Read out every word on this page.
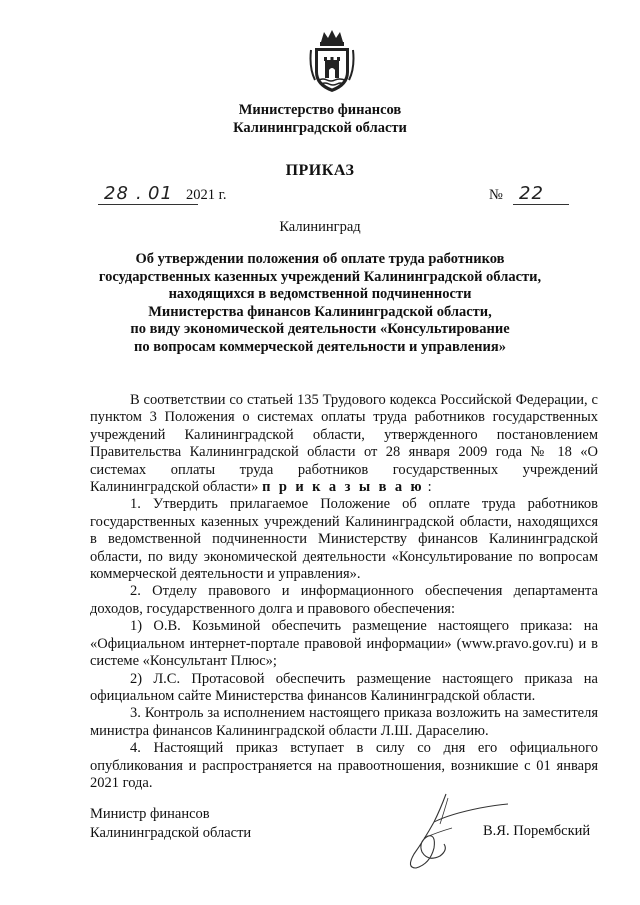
Министерство финансов
Калининградской области
ПРИКАЗ
28 . 01 2021 г.	№ 22
Калининград
Об утверждении положения об оплате труда работников
государственных казенных учреждений Калининградской области,
находящихся в ведомственной подчиненности
Министерства финансов Калининградской области,
по виду экономической деятельности «Консультирование
по вопросам коммерческой деятельности и управления»

В соответствии со статьей 135 Трудового кодекса Российской Федерации, с пунктом 3 Положения о системах оплаты труда работников государственных учреждений Калининградской области, утвержденного постановлением Правительства Калининградской области от 28 января 2009 года № 18 «О системах оплаты труда работников государственных учреждений Калининградской области» п р и к а з ы в а ю :

1. Утвердить прилагаемое Положение об оплате труда работников государственных казенных учреждений Калининградской области, находящихся в ведомственной подчиненности Министерству финансов Калининградской области, по виду экономической деятельности «Консультирование по вопросам коммерческой деятельности и управления».

2. Отделу правового и информационного обеспечения департамента доходов, государственного долга и правового обеспечения:

1) О.В. Козьминой обеспечить размещение настоящего приказа: на «Официальном интернет-портале правовой информации» (www.pravo.gov.ru) и в системе «Консультант Плюс»;

2) Л.С. Протасовой обеспечить размещение настоящего приказа на официальном сайте Министерства финансов Калининградской области.

3. Контроль за исполнением настоящего приказа возложить на заместителя министра финансов Калининградской области Л.Ш. Дараселию.

4. Настоящий приказ вступает в силу со дня его официального опубликования и распространяется на правоотношения, возникшие с 01 января 2021 года.

Министр финансов
Калининградской области	В.Я. Порембский
